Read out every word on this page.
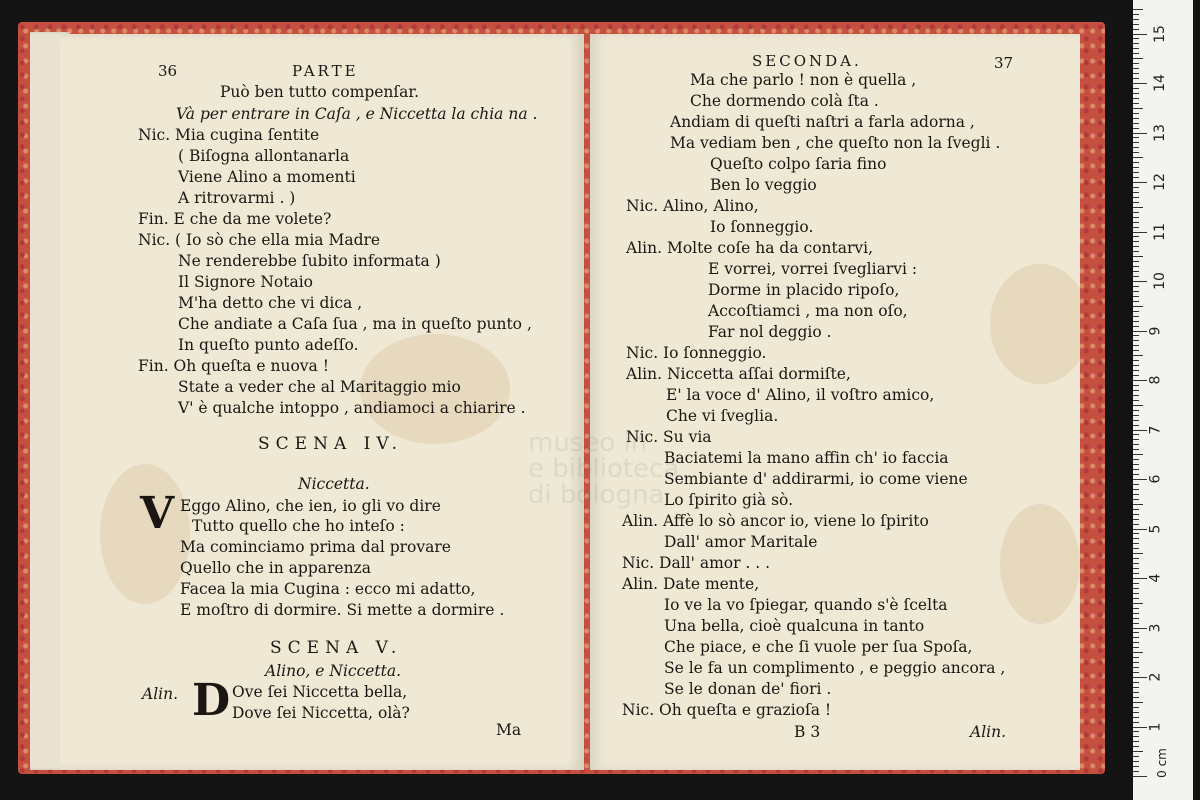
36	PARTE
Può ben tutto compenſar.
Và per entrare in Caſa , e Niccetta la chia na .
Nic. Mia cugina ſentite
( Biſogna allontanarla
Viene Alino a momenti
A ritrovarmi . )
Fin. E che da me volete?
Nic. ( Io sò che ella mia Madre
Ne renderebbe ſubito informata )
Il Signore Notaio
M'ha detto che vi dica ,
Che andiate a Caſa ſua , ma in queſto punto ,
In queſto punto adeſſo.
Fin. Oh queſta e nuova !
State a veder che al Maritaggio mio
V' è qualche intoppo , andiamoci a chiarire .
SCENA IV.
Niccetta.
V Eggo Alino, che ien, io gli vo dire
Tutto quello che ho inteſo :
Ma cominciamo prima dal provare
Quello che in apparenza
Facea la mia Cugina : ecco mi adatto,
E moſtro di dormire. Si mette a dormire .
SCENA V.
Alino, e Niccetta.
Alin. D Ove ſei Niccetta bella,
Dove ſei Niccetta, olà?
Ma
SECONDA.	37
Ma che parlo ! non è quella ,
Che dormendo colà ſta .
Andiam di queſti naſtri a farla adorna ,
Ma vediam ben , che queſto non la ſvegli .
Queſto colpo ſaria fino
Ben lo veggio
Nic. Alino, Alino,
Io ſonneggio.
Alin. Molte coſe ha da contarvi,
E vorrei, vorrei ſvegliarvi :
Dorme in placido ripoſo,
Accoſtiamci , ma non oſo,
Far nol deggio .
Nic. Io ſonneggio.
Alin. Niccetta aſſai dormiſte,
E' la voce d' Alino, il voſtro amico,
Che vi ſveglia.
Nic. Su via
Baciatemi la mano affin ch' io faccia
Sembiante d' addirarmi, io come viene
Lo ſpirito già sò.
Alin. Affè lo sò ancor io, viene lo ſpirito
Dall' amor Maritale
Nic. Dall' amor . . .
Alin. Date mente,
Io ve la vo ſpiegar, quando s'è ſcelta
Una bella, cioè qualcuna in tanto
Che piace, e che ſi vuole per ſua Spoſa,
Se le fa un complimento , e peggio ancora ,
Se le donan de' fiori .
Nic. Oh queſta e grazioſa !
B 3	Alin.
museo in
e biblioteca
di bologna
0 cm
1
2
3
4
5
6
7
8
9
10
11
12
13
14
15
